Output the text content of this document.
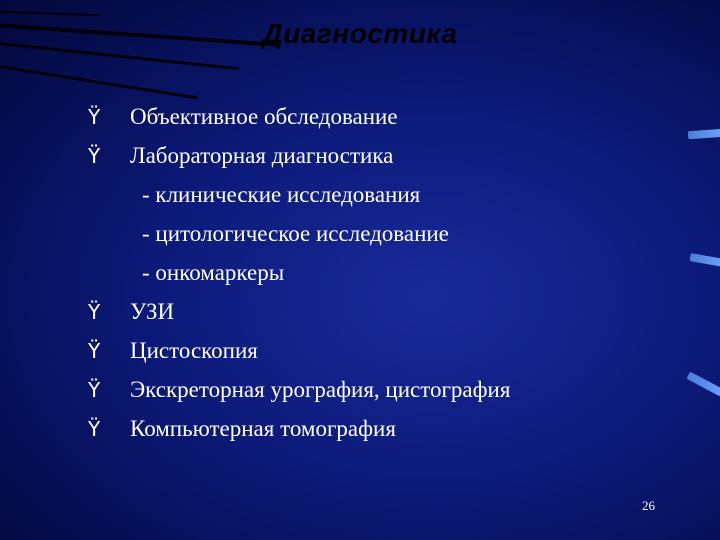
Диагностика
Ÿ	Объективное обследование
Ÿ	Лабораторная диагностика
- клинические исследования
- цитологическое исследование
- онкомаркеры
Ÿ	УЗИ
Ÿ	Цистоскопия
Ÿ	Экскреторная урография, цистография
Ÿ	Компьютерная томография
26
